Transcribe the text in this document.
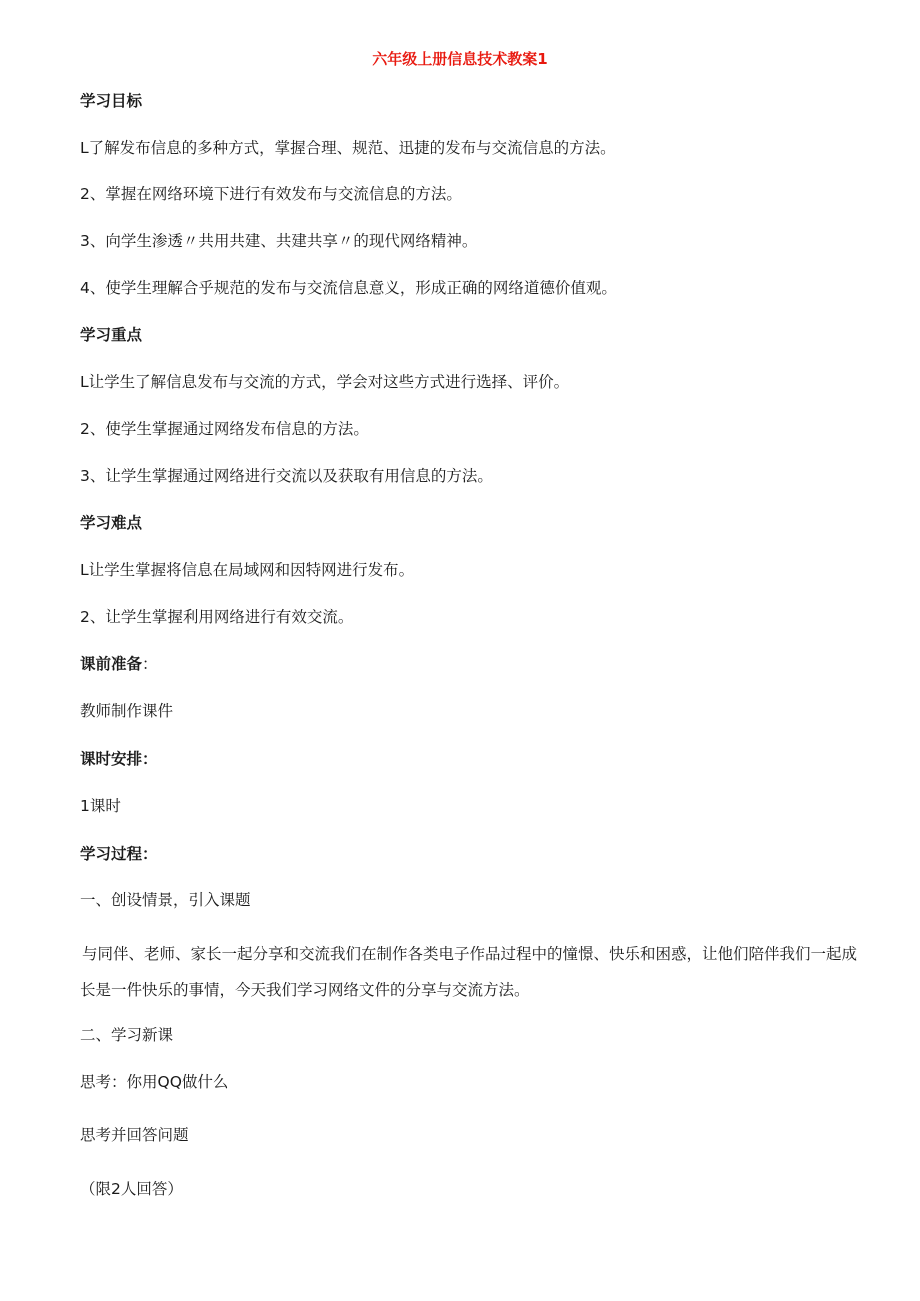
六年级上册信息技术教案1

学习目标

L了解发布信息的多种方式，掌握合理、规范、迅捷的发布与交流信息的方法。

2、掌握在网络环境下进行有效发布与交流信息的方法。

3、向学生渗透〃共用共建、共建共享〃的现代网络精神。

4、使学生理解合乎规范的发布与交流信息意义，形成正确的网络道德价值观。

学习重点

L让学生了解信息发布与交流的方式，学会对这些方式进行选择、评价。

2、使学生掌握通过网络发布信息的方法。

3、让学生掌握通过网络进行交流以及获取有用信息的方法。

学习难点

L让学生掌握将信息在局域网和因特网进行发布。

2、让学生掌握利用网络进行有效交流。

课前准备：

教师制作课件

课时安排：

1课时

学习过程：

一、创设情景，引入课题

与同伴、老师、家长一起分享和交流我们在制作各类电子作品过程中的憧憬、快乐和困惑，让他们陪伴我们一起成长是一件快乐的事情，今天我们学习网络文件的分享与交流方法。

二、学习新课

思考：你用QQ做什么

思考并回答问题

（限2人回答）
